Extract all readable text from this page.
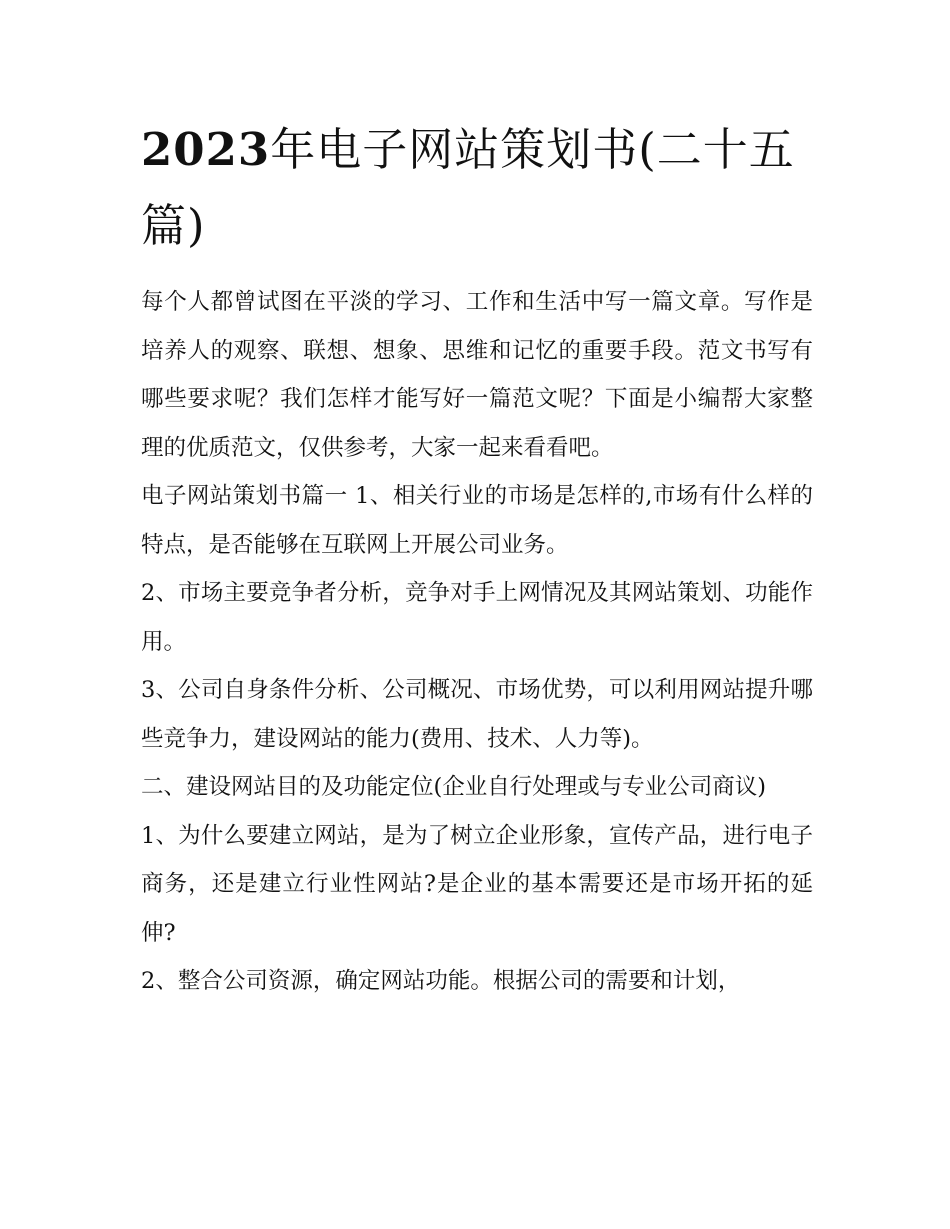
2023年电子网站策划书(二十五篇)

每个人都曾试图在平淡的学习、工作和生活中写一篇文章。写作是培养人的观察、联想、想象、思维和记忆的重要手段。范文书写有哪些要求呢？我们怎样才能写好一篇范文呢？下面是小编帮大家整理的优质范文，仅供参考，大家一起来看看吧。

电子网站策划书篇一 1、相关行业的市场是怎样的,市场有什么样的特点，是否能够在互联网上开展公司业务。

2、市场主要竞争者分析，竞争对手上网情况及其网站策划、功能作用。

3、公司自身条件分析、公司概况、市场优势，可以利用网站提升哪些竞争力，建设网站的能力(费用、技术、人力等)。

二、建设网站目的及功能定位(企业自行处理或与专业公司商议)

1、为什么要建立网站，是为了树立企业形象，宣传产品，进行电子商务，还是建立行业性网站?是企业的基本需要还是市场开拓的延伸?

2、整合公司资源，确定网站功能。根据公司的需要和计划，
